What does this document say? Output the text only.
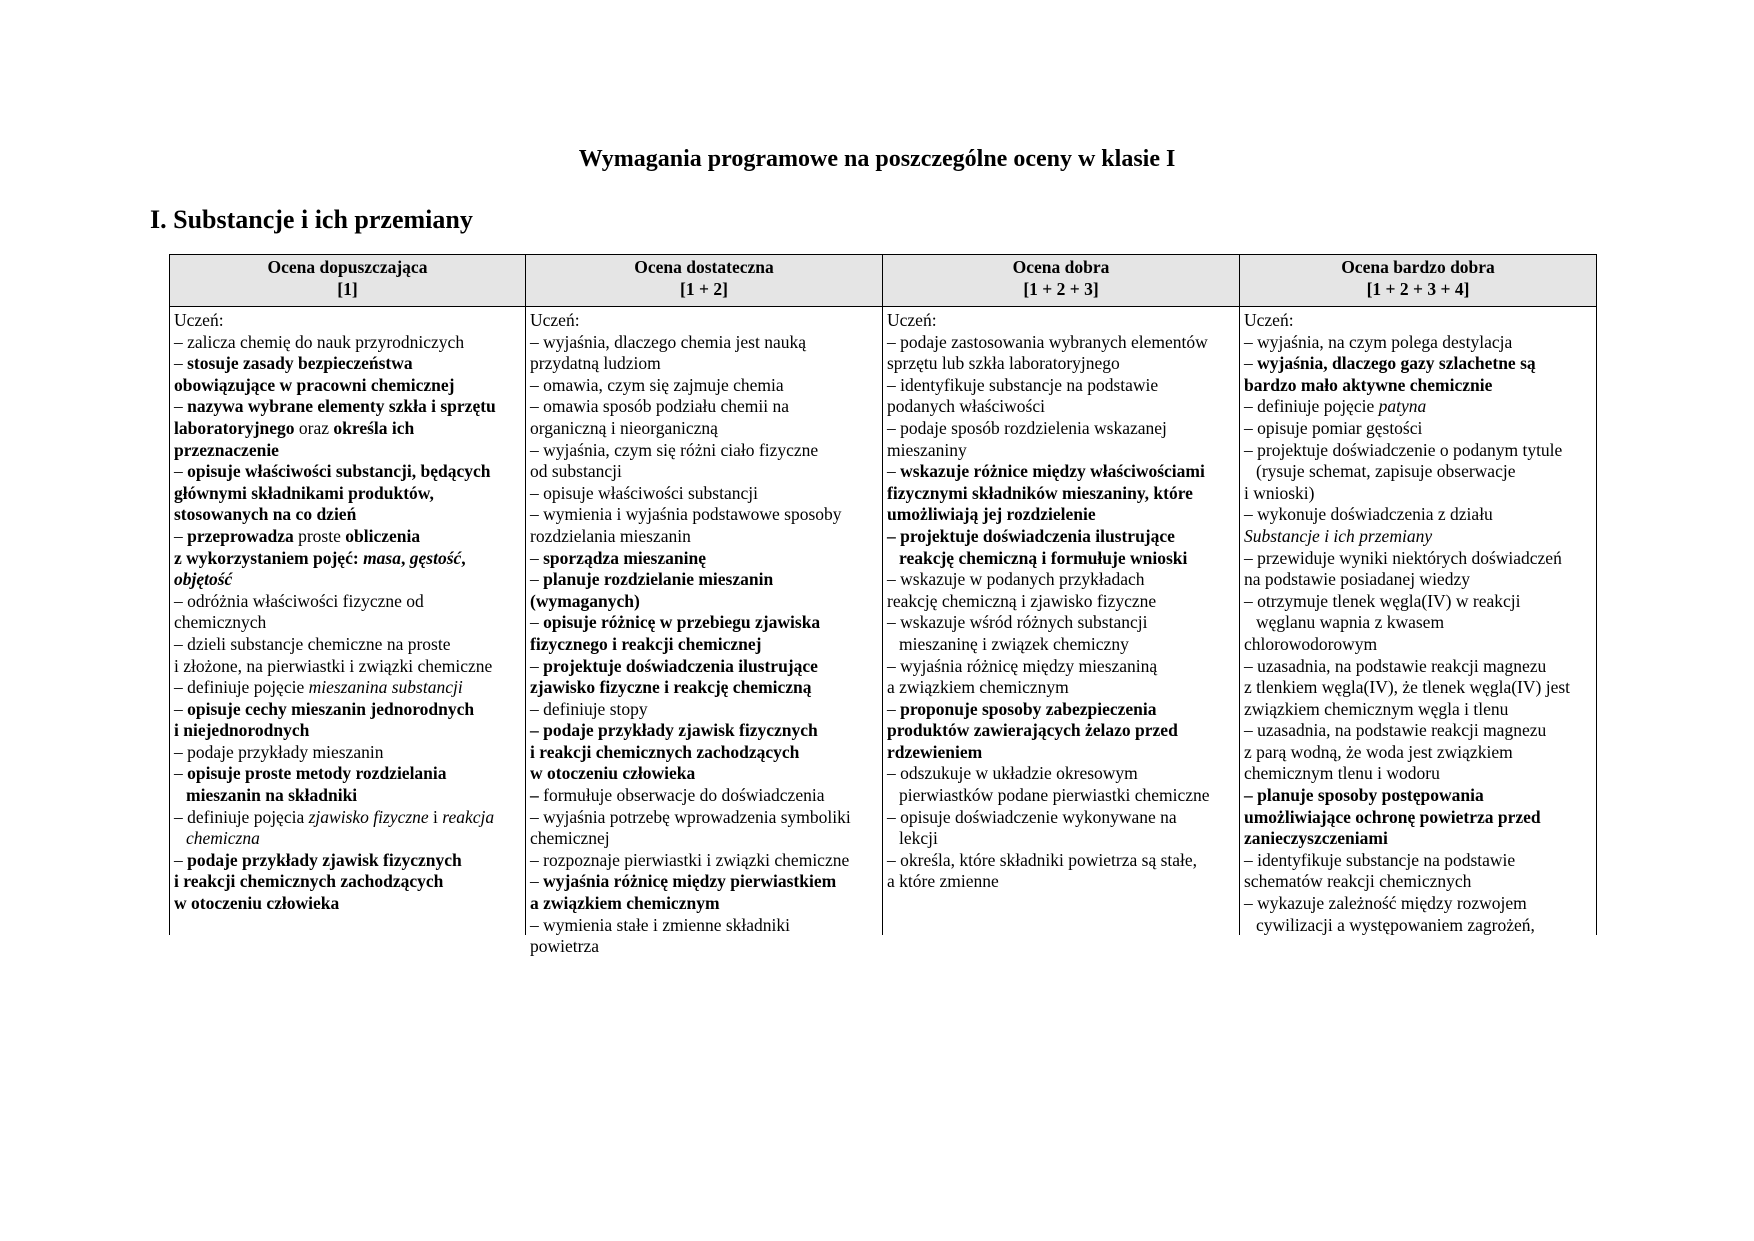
Wymagania programowe na poszczególne oceny w klasie I
I. Substancje i ich przemiany
Ocena dopuszczająca
[1]
Ocena dostateczna
[1 + 2]
Ocena dobra
[1 + 2 + 3]
Ocena bardzo dobra
[1 + 2 + 3 + 4]
Uczeń:
– zalicza chemię do nauk przyrodniczych
– stosuje zasady bezpieczeństwa
obowiązujące w pracowni chemicznej
– nazywa wybrane elementy szkła i sprzętu
laboratoryjnego oraz określa ich
przeznaczenie
– opisuje właściwości substancji, będących
głównymi składnikami produktów,
stosowanych na co dzień
– przeprowadza proste obliczenia
z wykorzystaniem pojęć: masa, gęstość,
objętość
– odróżnia właściwości fizyczne od
chemicznych
– dzieli substancje chemiczne na proste
i złożone, na pierwiastki i związki chemiczne
– definiuje pojęcie mieszanina substancji
– opisuje cechy mieszanin jednorodnych
i niejednorodnych
– podaje przykłady mieszanin
– opisuje proste metody rozdzielania
mieszanin na składniki
– definiuje pojęcia zjawisko fizyczne i reakcja
chemiczna
– podaje przykłady zjawisk fizycznych
i reakcji chemicznych zachodzących
w otoczeniu człowieka
Uczeń:
– wyjaśnia, dlaczego chemia jest nauką
przydatną ludziom
– omawia, czym się zajmuje chemia
– omawia sposób podziału chemii na
organiczną i nieorganiczną
– wyjaśnia, czym się różni ciało fizyczne
od substancji
– opisuje właściwości substancji
– wymienia i wyjaśnia podstawowe sposoby
rozdzielania mieszanin
– sporządza mieszaninę
– planuje rozdzielanie mieszanin
(wymaganych)
– opisuje różnicę w przebiegu zjawiska
fizycznego i reakcji chemicznej
– projektuje doświadczenia ilustrujące
zjawisko fizyczne i reakcję chemiczną
– definiuje stopy
– podaje przykłady zjawisk fizycznych
i reakcji chemicznych zachodzących
w otoczeniu człowieka
– formułuje obserwacje do doświadczenia
– wyjaśnia potrzebę wprowadzenia symboliki
chemicznej
– rozpoznaje pierwiastki i związki chemiczne
– wyjaśnia różnicę między pierwiastkiem
a związkiem chemicznym
– wymienia stałe i zmienne składniki
powietrza
Uczeń:
– podaje zastosowania wybranych elementów
sprzętu lub szkła laboratoryjnego
– identyfikuje substancje na podstawie
podanych właściwości
– podaje sposób rozdzielenia wskazanej
mieszaniny
– wskazuje różnice między właściwościami
fizycznymi składników mieszaniny, które
umożliwiają jej rozdzielenie
– projektuje doświadczenia ilustrujące
reakcję chemiczną i formułuje wnioski
– wskazuje w podanych przykładach
reakcję chemiczną i zjawisko fizyczne
– wskazuje wśród różnych substancji
mieszaninę i związek chemiczny
– wyjaśnia różnicę między mieszaniną
a związkiem chemicznym
– proponuje sposoby zabezpieczenia
produktów zawierających żelazo przed
rdzewieniem
– odszukuje w układzie okresowym
pierwiastków podane pierwiastki chemiczne
– opisuje doświadczenie wykonywane na
lekcji
– określa, które składniki powietrza są stałe,
a które zmienne
Uczeń:
– wyjaśnia, na czym polega destylacja
– wyjaśnia, dlaczego gazy szlachetne są
bardzo mało aktywne chemicznie
– definiuje pojęcie patyna
– opisuje pomiar gęstości
– projektuje doświadczenie o podanym tytule
(rysuje schemat, zapisuje obserwacje
i wnioski)
– wykonuje doświadczenia z działu
Substancje i ich przemiany
– przewiduje wyniki niektórych doświadczeń
na podstawie posiadanej wiedzy
– otrzymuje tlenek węgla(IV) w reakcji
węglanu wapnia z kwasem
chlorowodorowym
– uzasadnia, na podstawie reakcji magnezu
z tlenkiem węgla(IV), że tlenek węgla(IV) jest
związkiem chemicznym węgla i tlenu
– uzasadnia, na podstawie reakcji magnezu
z parą wodną, że woda jest związkiem
chemicznym tlenu i wodoru
– planuje sposoby postępowania
umożliwiające ochronę powietrza przed
zanieczyszczeniami
– identyfikuje substancje na podstawie
schematów reakcji chemicznych
– wykazuje zależność między rozwojem
cywilizacji a występowaniem zagrożeń,
